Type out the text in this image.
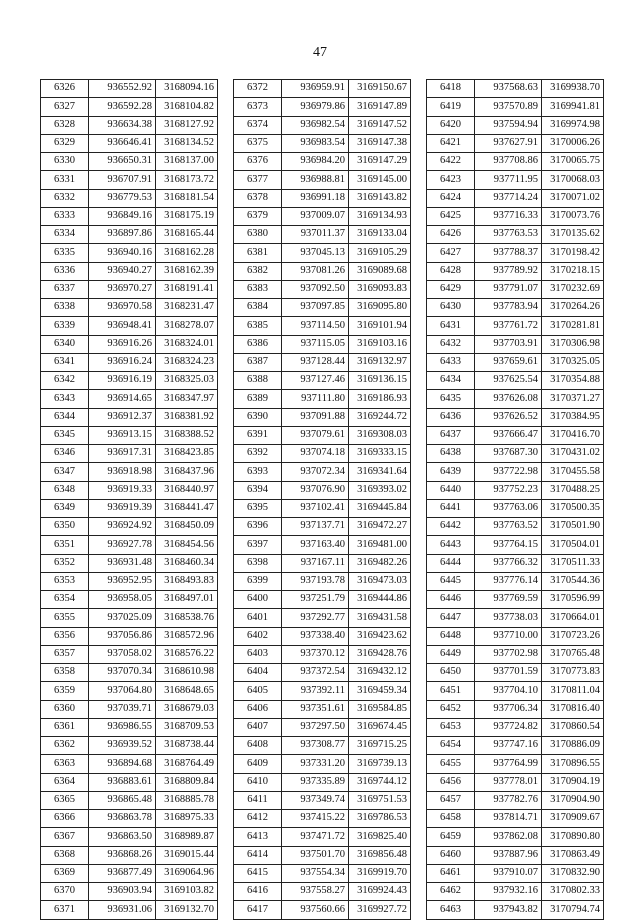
47
6326	936552.92	3168094.16
6327	936592.28	3168104.82
6328	936634.38	3168127.92
6329	936646.41	3168134.52
6330	936650.31	3168137.00
6331	936707.91	3168173.72
6332	936779.53	3168181.54
6333	936849.16	3168175.19
6334	936897.86	3168165.44
6335	936940.16	3168162.28
6336	936940.27	3168162.39
6337	936970.27	3168191.41
6338	936970.58	3168231.47
6339	936948.41	3168278.07
6340	936916.26	3168324.01
6341	936916.24	3168324.23
6342	936916.19	3168325.03
6343	936914.65	3168347.97
6344	936912.37	3168381.92
6345	936913.15	3168388.52
6346	936917.31	3168423.85
6347	936918.98	3168437.96
6348	936919.33	3168440.97
6349	936919.39	3168441.47
6350	936924.92	3168450.09
6351	936927.78	3168454.56
6352	936931.48	3168460.34
6353	936952.95	3168493.83
6354	936958.05	3168497.01
6355	937025.09	3168538.76
6356	937056.86	3168572.96
6357	937058.02	3168576.22
6358	937070.34	3168610.98
6359	937064.80	3168648.65
6360	937039.71	3168679.03
6361	936986.55	3168709.53
6362	936939.52	3168738.44
6363	936894.68	3168764.49
6364	936883.61	3168809.84
6365	936865.48	3168885.78
6366	936863.78	3168975.33
6367	936863.50	3168989.87
6368	936868.26	3169015.44
6369	936877.49	3169064.96
6370	936903.94	3169103.82
6371	936931.06	3169132.70
6372	936959.91	3169150.67
6373	936979.86	3169147.89
6374	936982.54	3169147.52
6375	936983.54	3169147.38
6376	936984.20	3169147.29
6377	936988.81	3169145.00
6378	936991.18	3169143.82
6379	937009.07	3169134.93
6380	937011.37	3169133.04
6381	937045.13	3169105.29
6382	937081.26	3169089.68
6383	937092.50	3169093.83
6384	937097.85	3169095.80
6385	937114.50	3169101.94
6386	937115.05	3169103.16
6387	937128.44	3169132.97
6388	937127.46	3169136.15
6389	937111.80	3169186.93
6390	937091.88	3169244.72
6391	937079.61	3169308.03
6392	937074.18	3169333.15
6393	937072.34	3169341.64
6394	937076.90	3169393.02
6395	937102.41	3169445.84
6396	937137.71	3169472.27
6397	937163.40	3169481.00
6398	937167.11	3169482.26
6399	937193.78	3169473.03
6400	937251.79	3169444.86
6401	937292.77	3169431.58
6402	937338.40	3169423.62
6403	937370.12	3169428.76
6404	937372.54	3169432.12
6405	937392.11	3169459.34
6406	937351.61	3169584.85
6407	937297.50	3169674.45
6408	937308.77	3169715.25
6409	937331.20	3169739.13
6410	937335.89	3169744.12
6411	937349.74	3169751.53
6412	937415.22	3169786.53
6413	937471.72	3169825.40
6414	937501.70	3169856.48
6415	937554.34	3169919.70
6416	937558.27	3169924.43
6417	937560.66	3169927.72
6418	937568.63	3169938.70
6419	937570.89	3169941.81
6420	937594.94	3169974.98
6421	937627.91	3170006.26
6422	937708.86	3170065.75
6423	937711.95	3170068.03
6424	937714.24	3170071.02
6425	937716.33	3170073.76
6426	937763.53	3170135.62
6427	937788.37	3170198.42
6428	937789.92	3170218.15
6429	937791.07	3170232.69
6430	937783.94	3170264.26
6431	937761.72	3170281.81
6432	937703.91	3170306.98
6433	937659.61	3170325.05
6434	937625.54	3170354.88
6435	937626.08	3170371.27
6436	937626.52	3170384.95
6437	937666.47	3170416.70
6438	937687.30	3170431.02
6439	937722.98	3170455.58
6440	937752.23	3170488.25
6441	937763.06	3170500.35
6442	937763.52	3170501.90
6443	937764.15	3170504.01
6444	937766.32	3170511.33
6445	937776.14	3170544.36
6446	937769.59	3170596.99
6447	937738.03	3170664.01
6448	937710.00	3170723.26
6449	937702.98	3170765.48
6450	937701.59	3170773.83
6451	937704.10	3170811.04
6452	937706.34	3170816.40
6453	937724.82	3170860.54
6454	937747.16	3170886.09
6455	937764.99	3170896.55
6456	937778.01	3170904.19
6457	937782.76	3170904.90
6458	937814.71	3170909.67
6459	937862.08	3170890.80
6460	937887.96	3170863.49
6461	937910.07	3170832.90
6462	937932.16	3170802.33
6463	937943.82	3170794.74
